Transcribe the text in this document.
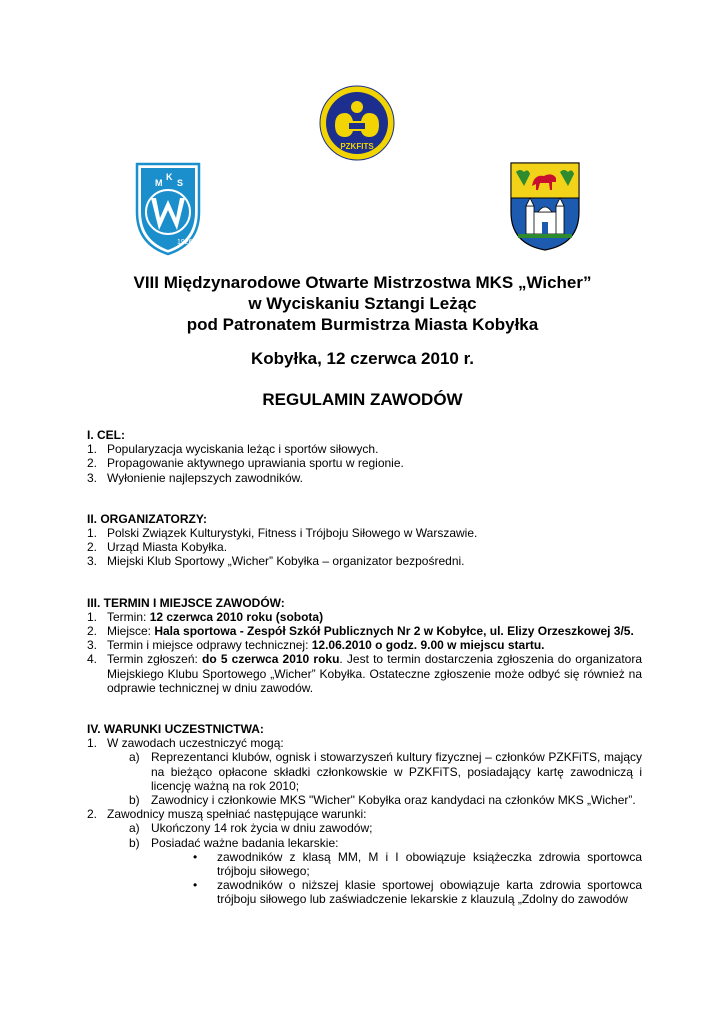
PZKFITS
M
K
S
1926
VIII Międzynarodowe Otwarte Mistrzostwa MKS „Wicher”
w Wyciskaniu Sztangi Leżąc
pod Patronatem Burmistrza Miasta Kobyłka
Kobyłka, 12 czerwca 2010 r.
REGULAMIN ZAWODÓW
I. CEL:
1. Popularyzacja wyciskania leżąc i sportów siłowych.
2. Propagowanie aktywnego uprawiania sportu w regionie.
3. Wyłonienie najlepszych zawodników.
II. ORGANIZATORZY:
1. Polski Związek Kulturystyki, Fitness i Trójboju Siłowego w Warszawie.
2. Urząd Miasta Kobyłka.
3. Miejski Klub Sportowy „Wicher” Kobyłka – organizator bezpośredni.
III. TERMIN I MIEJSCE ZAWODÓW:
1. Termin: 12 czerwca 2010 roku (sobota)
2. Miejsce: Hala sportowa - Zespół Szkół Publicznych Nr 2 w Kobyłce, ul. Elizy Orzeszkowej 3/5.
3. Termin i miejsce odprawy technicznej: 12.06.2010 o godz. 9.00 w miejscu startu.
4. Termin zgłoszeń: do 5 czerwca 2010 roku. Jest to termin dostarczenia zgłoszenia do organizatora Miejskiego Klubu Sportowego „Wicher” Kobyłka. Ostateczne zgłoszenie może odbyć się również na odprawie technicznej w dniu zawodów.
IV. WARUNKI UCZESTNICTWA:
1. W zawodach uczestniczyć mogą:
a) Reprezentanci klubów, ognisk i stowarzyszeń kultury fizycznej – członków PZKFiTS, mający na bieżąco opłacone składki członkowskie w PZKFiTS, posiadający kartę zawodniczą i licencję ważną na rok 2010;
b) Zawodnicy i członkowie MKS "Wicher" Kobyłka oraz kandydaci na członków MKS „Wicher”.
2. Zawodnicy muszą spełniać następujące warunki:
a) Ukończony 14 rok życia w dniu zawodów;
b) Posiadać ważne badania lekarskie:
• zawodników z klasą MM, M i I obowiązuje książeczka zdrowia sportowca trójboju siłowego;
• zawodników o niższej klasie sportowej obowiązuje karta zdrowia sportowca trójboju siłowego lub zaświadczenie lekarskie z klauzulą „Zdolny do zawodów
